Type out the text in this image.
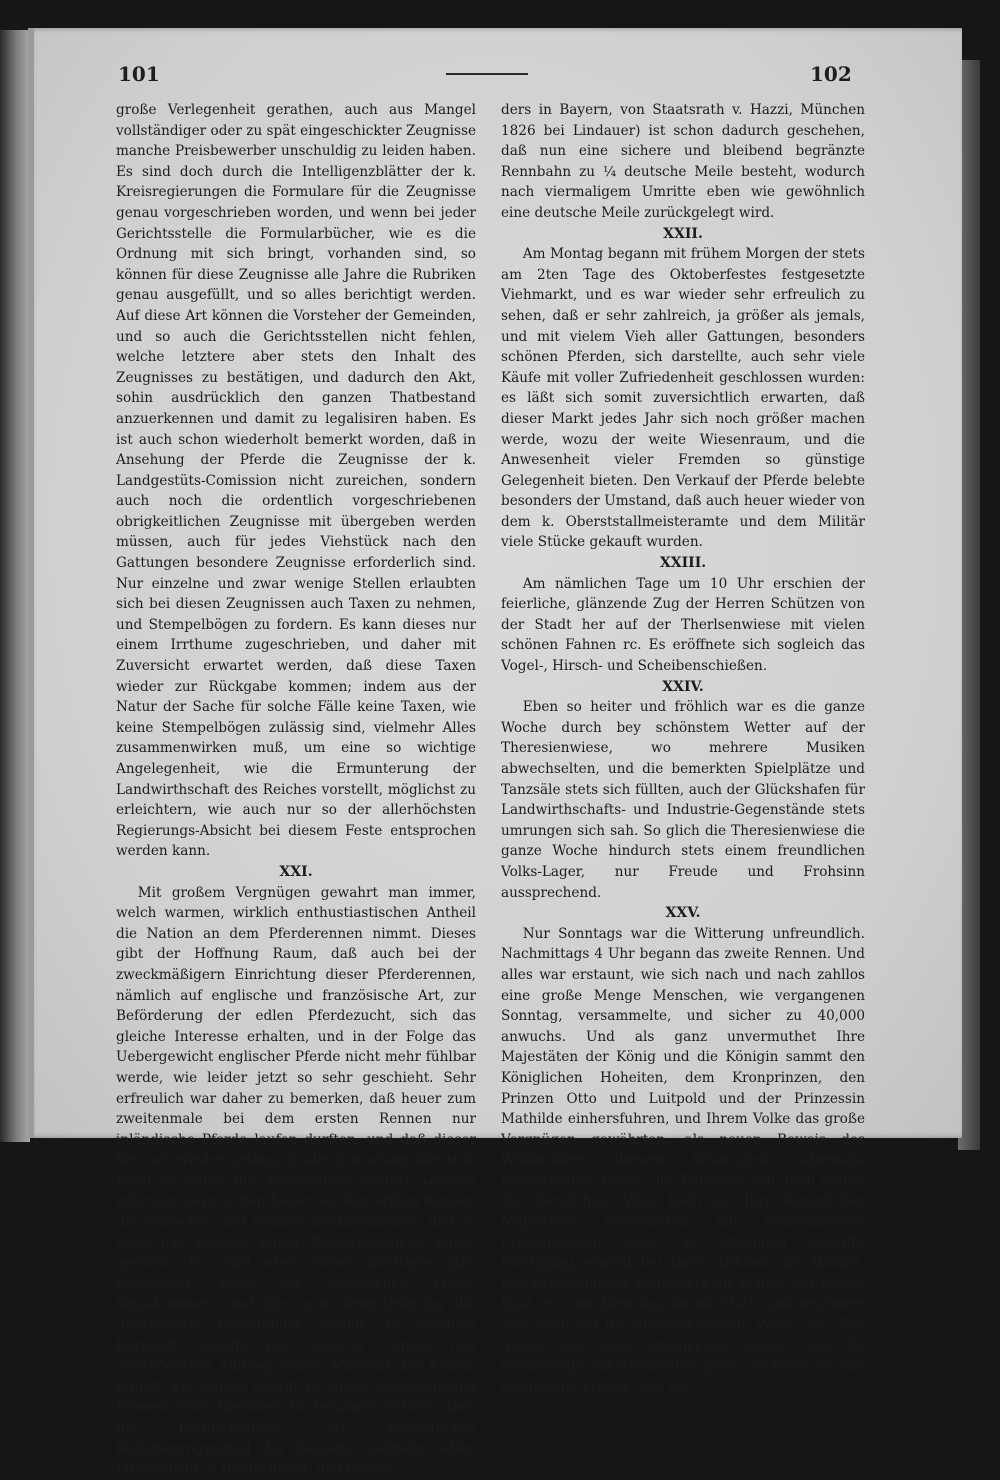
101	102

große Verlegenheit gerathen, auch aus Mangel vollständiger oder zu spät eingeschickter Zeugnisse manche Preisbewerber unschuldig zu leiden haben. Es sind doch durch die Intelligenzblätter der k. Kreisregierungen die Formulare für die Zeugnisse genau vorgeschrieben worden, und wenn bei jeder Gerichtsstelle die Formularbücher, wie es die Ordnung mit sich bringt, vorhanden sind, so können für diese Zeugnisse alle Jahre die Rubriken genau ausgefüllt, und so alles berichtigt werden. Auf diese Art können die Vorsteher der Gemeinden, und so auch die Gerichtsstellen nicht fehlen, welche letztere aber stets den Inhalt des Zeugnisses zu bestätigen, und dadurch den Akt, sohin ausdrücklich den ganzen Thatbestand anzuerkennen und damit zu legalisiren haben. Es ist auch schon wiederholt bemerkt worden, daß in Ansehung der Pferde die Zeugnisse der k. Landgestüts-Comission nicht zureichen, sondern auch noch die ordentlich vorgeschriebenen obrigkeitlichen Zeugnisse mit übergeben werden müssen, auch für jedes Viehstück nach den Gattungen besondere Zeugnisse erforderlich sind. Nur einzelne und zwar wenige Stellen erlaubten sich bei diesen Zeugnissen auch Taxen zu nehmen, und Stempelbögen zu fordern. Es kann dieses nur einem Irrthume zugeschrieben, und daher mit Zuversicht erwartet werden, daß diese Taxen wieder zur Rückgabe kommen; indem aus der Natur der Sache für solche Fälle keine Taxen, wie keine Stempelbögen zulässig sind, vielmehr Alles zusammenwirken muß, um eine so wichtige Angelegenheit, wie die Ermunterung der Landwirthschaft des Reiches vorstellt, möglichst zu erleichtern, wie auch nur so der allerhöchsten Regierungs-Absicht bei diesem Feste entsprochen werden kann.

XXI.

Mit großem Vergnügen gewahrt man immer, welch warmen, wirklich enthustiastischen Antheil die Nation an dem Pferderennen nimmt. Dieses gibt der Hoffnung Raum, daß auch bei der zweckmäßigern Einrichtung dieser Pferderennen, nämlich auf englische und französische Art, zur Beförderung der edlen Pferdezucht, sich das gleiche Interesse erhalten, und in der Folge das Uebergewicht englischer Pferde nicht mehr fühlbar werde, wie leider jetzt so sehr geschieht. Sehr erfreulich war daher zu bemerken, daß heuer zum zweitenmale bei dem ersten Rennen nur inländische Pferde laufen durften, und daß dieser Versuch wieder gelang, ja alle Erwartung übertraf. Eben so würde der angetragene weitere Versuch gelungen seyn, schon heuer bei dem ersten Rennen die Wallachen und Nonnen auszuschließen, und so wäre das Rennen seiner Zweckmäßigkeit näher gerückt. Es wird aber sicher künftiges Jahr geschehen, wenn die königlichen Preise hinzukommen, und die neue Renn-Ordnung die Allerhöchste Bestätigung erlangt, zu welchem Entwurfe bereits das General Comité den Allerhöchsten Auftrag Seiner Majestät des Königs erhielt. Ein großer Schritt zu einem zweckmäßigen Rennen (Sieh hierüber die bekannte Schrift: über die Pferde-Rennen, als wesentliches Beförderungsmittel der bessern, vielmehr edlen Pferdezucht in Deutschland, und beson-

ders in Bayern, von Staatsrath v. Hazzi, München 1826 bei Lindauer) ist schon dadurch geschehen, daß nun eine sichere und bleibend begränzte Rennbahn zu ¼ deutsche Meile besteht, wodurch nach viermaligem Umritte eben wie gewöhnlich eine deutsche Meile zurückgelegt wird.

XXII.

Am Montag begann mit frühem Morgen der stets am 2ten Tage des Oktoberfestes festgesetzte Viehmarkt, und es war wieder sehr erfreulich zu sehen, daß er sehr zahlreich, ja größer als jemals, und mit vielem Vieh aller Gattungen, besonders schönen Pferden, sich darstellte, auch sehr viele Käufe mit voller Zufriedenheit geschlossen wurden: es läßt sich somit zuversichtlich erwarten, daß dieser Markt jedes Jahr sich noch größer machen werde, wozu der weite Wiesenraum, und die Anwesenheit vieler Fremden so günstige Gelegenheit bieten. Den Verkauf der Pferde belebte besonders der Umstand, daß auch heuer wieder von dem k. Oberststallmeisteramte und dem Militär viele Stücke gekauft wurden.

XXIII.

Am nämlichen Tage um 10 Uhr erschien der feierliche, glänzende Zug der Herren Schützen von der Stadt her auf der Therlsenwiese mit vielen schönen Fahnen rc. Es eröffnete sich sogleich das Vogel-, Hirsch- und Scheibenschießen.

XXIV.

Eben so heiter und fröhlich war es die ganze Woche durch bey schönstem Wetter auf der Theresienwiese, wo mehrere Musiken abwechselten, und die bemerkten Spielplätze und Tanzsäle stets sich füllten, auch der Glückshafen für Landwirthschafts- und Industrie-Gegenstände stets umrungen sich sah. So glich die Theresienwiese die ganze Woche hindurch stets einem freundlichen Volks-Lager, nur Freude und Frohsinn aussprechend.

XXV.

Nur Sonntags war die Witterung unfreundlich. Nachmittags 4 Uhr begann das zweite Rennen. Und alles war erstaunt, wie sich nach und nach zahllos eine große Menge Menschen, wie vergangenen Sonntag, versammelte, und sicher zu 40,000 anwuchs. Und als ganz unvermuthet Ihre Majestäten der König und die Königin sammt den Königlichen Hoheiten, dem Kronprinzen, den Prinzen Otto und Luitpold und der Prinzessin Mathilde einhersfuhren, und Ihrem Volke das große Vergnügen gewährten, als neuen Beweis des Wohlwollens diesem Schauspiele abermals beizuwohnen, riesen die Tausende von allen Seiten das herzlichste Vivat hoch zu. Ihre Königlichen Majestäten erwiederten mit einnehmender Freundlichkeit diese so allgemein lebhafte Huldigung sowohl bei Ihrer Ankunft als Abfahrt. Das herkömmliche Feuerwerk als Schluß des Festes fand erst am Dienstag darauf Statt, und zeichnete sich auch auf die überraschendste Weise aus. Der Abend war auch entzückend schön, und die Volksmenge außerordentlich groß, sie brach in eine stürmische Freude aus, als
